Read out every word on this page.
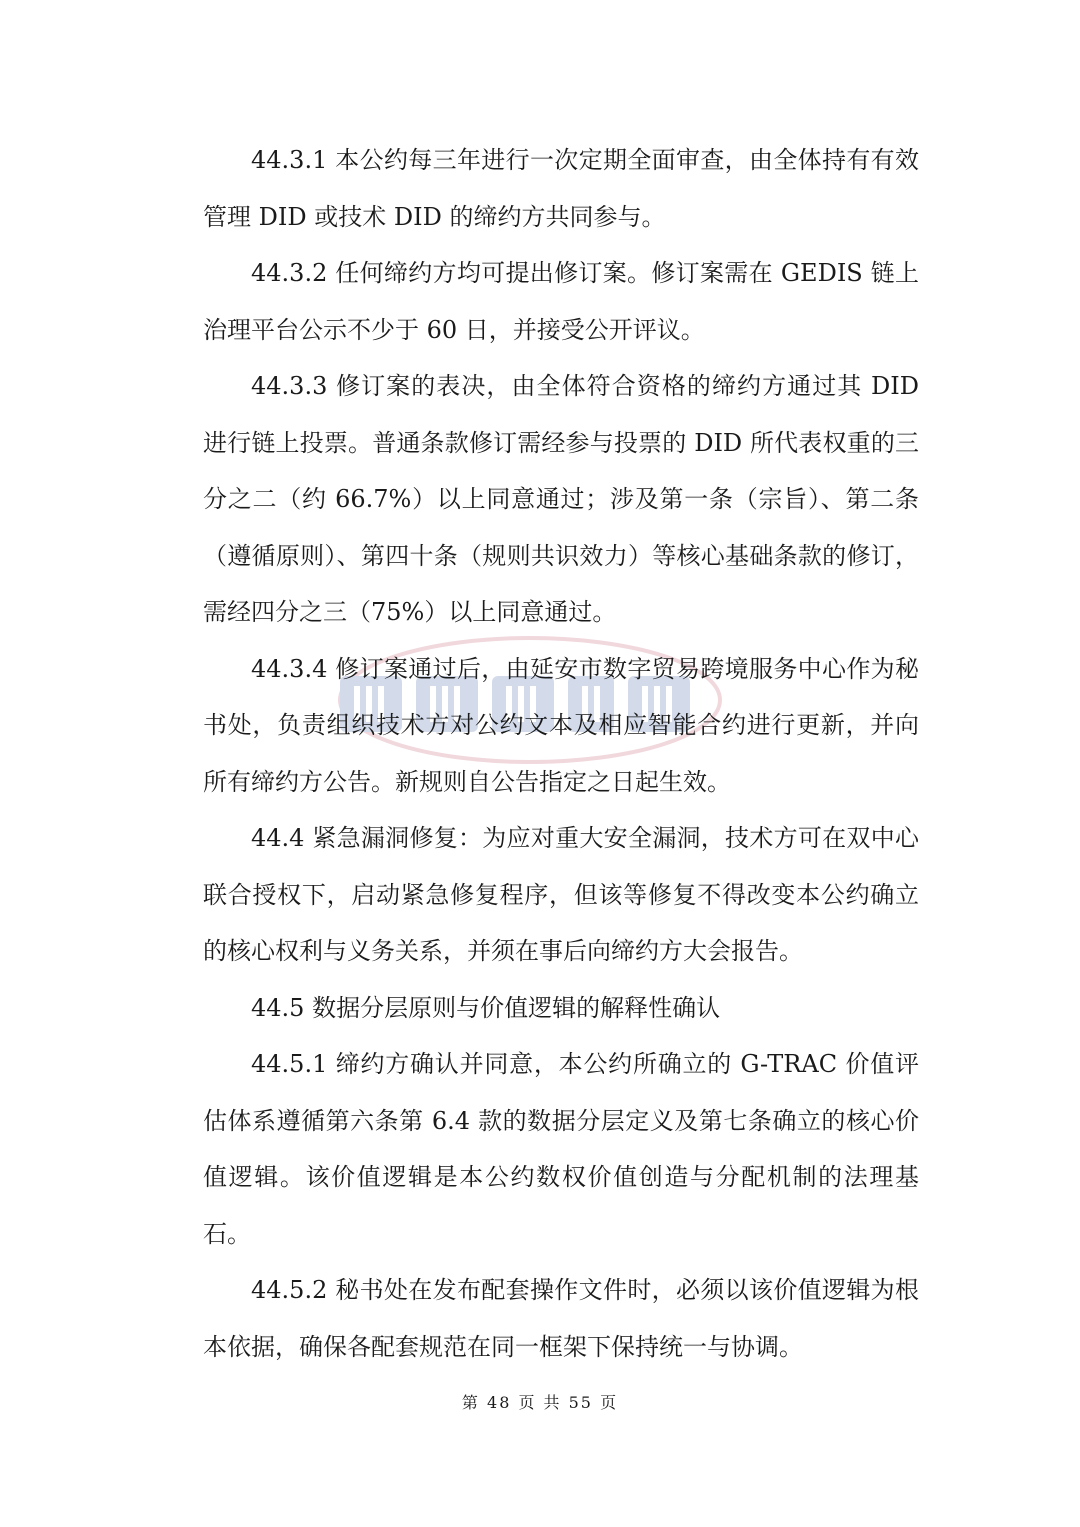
44.3.1 本公约每三年进行一次定期全面审查，由全体持有有效管理 DID 或技术 DID 的缔约方共同参与。

44.3.2 任何缔约方均可提出修订案。修订案需在 GEDIS 链上治理平台公示不少于 60 日，并接受公开评议。

44.3.3 修订案的表决，由全体符合资格的缔约方通过其 DID 进行链上投票。普通条款修订需经参与投票的 DID 所代表权重的三分之二（约 66.7%）以上同意通过；涉及第一条（宗旨）、第二条（遵循原则）、第四十条（规则共识效力）等核心基础条款的修订，需经四分之三（75%）以上同意通过。

44.3.4 修订案通过后，由延安市数字贸易跨境服务中心作为秘书处，负责组织技术方对公约文本及相应智能合约进行更新，并向所有缔约方公告。新规则自公告指定之日起生效。

44.4 紧急漏洞修复：为应对重大安全漏洞，技术方可在双中心联合授权下，启动紧急修复程序，但该等修复不得改变本公约确立的核心权利与义务关系，并须在事后向缔约方大会报告。

44.5 数据分层原则与价值逻辑的解释性确认

44.5.1 缔约方确认并同意，本公约所确立的 G-TRAC 价值评估体系遵循第六条第 6.4 款的数据分层定义及第七条确立的核心价值逻辑。该价值逻辑是本公约数权价值创造与分配机制的法理基石。

44.5.2 秘书处在发布配套操作文件时，必须以该价值逻辑为根本依据，确保各配套规范在同一框架下保持统一与协调。

第 48 页 共 55 页
